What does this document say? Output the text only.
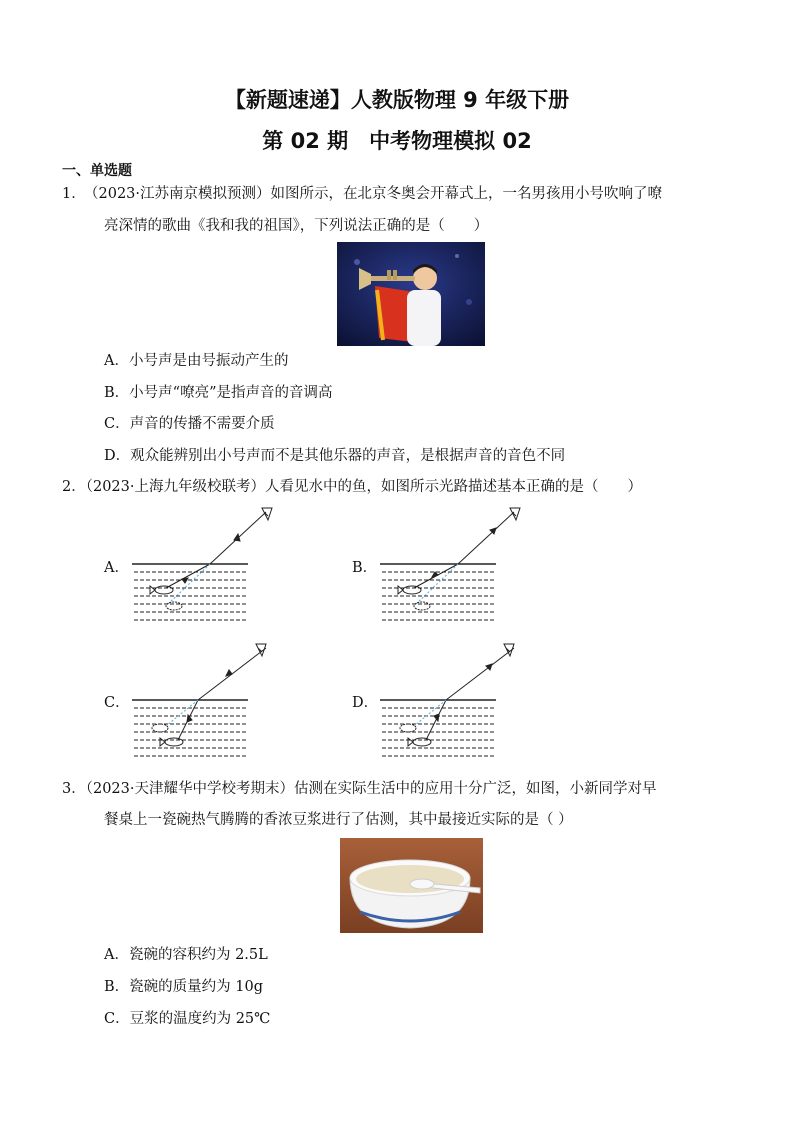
【新题速递】人教版物理 9 年级下册
第 02 期　中考物理模拟 02
一、单选题
1．
（2023·江苏南京模拟预测）如图所示，在北京冬奥会开幕式上，一名男孩用小号吹响了嘹
亮深情的歌曲《我和我的祖国》，下列说法正确的是（　　）
A．小号声是由号振动产生的
B．小号声“嘹亮”是指声音的音调高
C．声音的传播不需要介质
D．观众能辨别出小号声而不是其他乐器的声音，是根据声音的音色不同
2．（2023·上海九年级校联考）人看见水中的鱼，如图所示光路描述基本正确的是（　　）
A．	B．
C．	D．
3．（2023·天津耀华中学校考期末）估测在实际生活中的应用十分广泛，如图，小新同学对早
餐桌上一瓷碗热气腾腾的香浓豆浆进行了估测，其中最接近实际的是（ ）
A．瓷碗的容积约为 2.5L
B．瓷碗的质量约为 10g
C．豆浆的温度约为 25℃
